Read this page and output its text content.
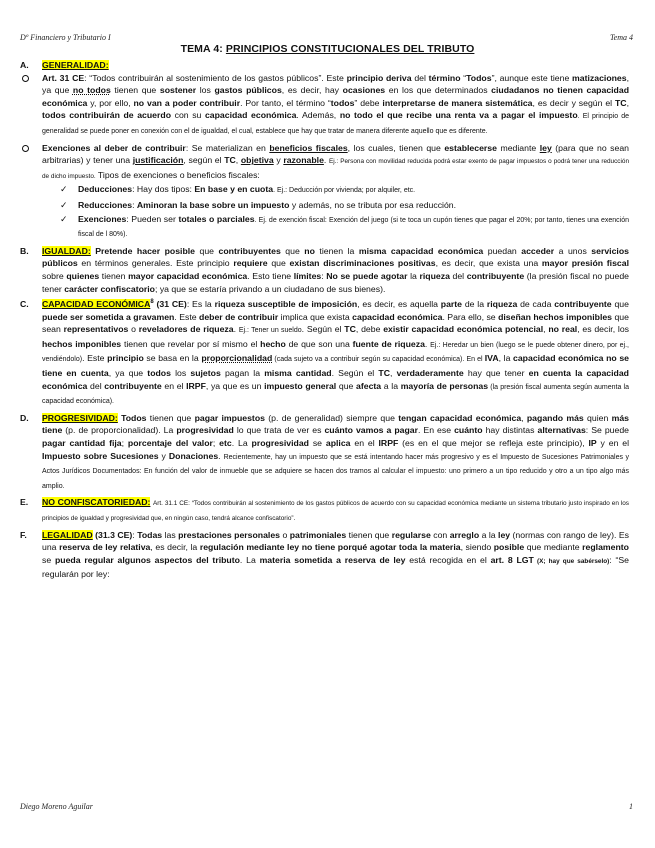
Dº Financiero y Tributario I	Tema 4
TEMA 4: PRINCIPIOS CONSTITUCIONALES DEL TRIBUTO
A. GENERALIDAD:
Art. 31 CE: “Todos contribuirán al sostenimiento de los gastos públicos”. Este principio deriva del término “Todos”, aunque este tiene matizaciones, ya que no todos tienen que sostener los gastos públicos, es decir, hay ocasiones en los que determinados ciudadanos no tienen capacidad económica y, por ello, no van a poder contribuir. Por tanto, el término “todos” debe interpretarse de manera sistemática, es decir y según el TC, todos contribuirán de acuerdo con su capacidad económica. Además, no todo el que recibe una renta va a pagar el impuesto. El principio de generalidad se puede poner en conexión con el de igualdad, el cual, establece que hay que tratar de manera diferente aquello que es diferente.
Exenciones al deber de contribuir: Se materializan en beneficios fiscales, los cuales, tienen que establecerse mediante ley (para que no sean arbitrarias) y tener una justificación, según el TC, objetiva y razonable. Ej.: Persona con movilidad reducida podrá estar exento de pagar impuestos o podrá tener una reducción de dicho impuesto. Tipos de exenciones o beneficios fiscales:
✓ Deducciones: Hay dos tipos: En base y en cuota. Ej.: Deducción por vivienda; por alquiler, etc.
✓ Reducciones: Aminoran la base sobre un impuesto y además, no se tributa por esa reducción.
✓ Exenciones: Pueden ser totales o parciales. Ej. de exención fiscal: Exención del juego (si te toca un cupón tienes que pagar el 20%; por tanto, tienes una exención fiscal de l 80%).
B. IGUALDAD: Pretende hacer posible que contribuyentes que no tienen la misma capacidad económica puedan acceder a unos servicios públicos en términos generales. Este principio requiere que existan discriminaciones positivas, es decir, que exista una mayor presión fiscal sobre quienes tienen mayor capacidad económica. Esto tiene límites: No se puede agotar la riqueza del contribuyente (la presión fiscal no puede tener carácter confiscatorio; ya que se estaría privando a un ciudadano de sus bienes).
C. CAPACIDAD ECONÓMICA$^8$ (31 CE): Es la riqueza susceptible de imposición, es decir, es aquella parte de la riqueza de cada contribuyente que puede ser sometida a gravamen. Este deber de contribuir implica que exista capacidad económica. Para ello, se diseñan hechos imponibles que sean representativos o reveladores de riqueza. Ej.: Tener un sueldo. Según el TC, debe existir capacidad económica potencial, no real, es decir, los hechos imponibles tienen que revelar por sí mismo el hecho de que son una fuente de riqueza. Ej.: Heredar un bien (luego se le puede obtener dinero, por ej., vendiéndolo). Este principio se basa en la proporcionalidad (cada sujeto va a contribuir según su capacidad económica). En el IVA, la capacidad económica no se tiene en cuenta, ya que todos los sujetos pagan la misma cantidad. Según el TC, verdaderamente hay que tener en cuenta la capacidad económica del contribuyente en el IRPF, ya que es un impuesto general que afecta a la mayoría de personas (la presión fiscal aumenta según aumenta la capacidad económica).
D. PROGRESIVIDAD: Todos tienen que pagar impuestos (p. de generalidad) siempre que tengan capacidad económica, pagando más quien más tiene (p. de proporcionalidad). La progresividad lo que trata de ver es cuánto vamos a pagar. En ese cuánto hay distintas alternativas: Se puede pagar cantidad fija; porcentaje del valor; etc. La progresividad se aplica en el IRPF (es en el que mejor se refleja este principio), IP y en el Impuesto sobre Sucesiones y Donaciones. Recientemente, hay un impuesto que se está intentando hacer más progresivo y es el Impuesto de Sucesiones Patrimoniales y Actos Jurídicos Documentados: En función del valor de inmueble que se adquiere se hacen dos tramos al calcular el impuesto: uno primero a un tipo reducido y otro a un tipo algo más amplio.
E. NO CONFISCATORIEDAD: Art. 31.1 CE: “Todos contribuirán al sostenimiento de los gastos públicos de acuerdo con su capacidad económica mediante un sistema tributario justo inspirado en los principios de igualdad y progresividad que, en ningún caso, tendrá alcance confiscatorio”.
F. LEGALIDAD (31.3 CE): Todas las prestaciones personales o patrimoniales tienen que regularse con arreglo a la ley (normas con rango de ley). Es una reserva de ley relativa, es decir, la regulación mediante ley no tiene porqué agotar toda la materia, siendo posible que mediante reglamento se pueda regular algunos aspectos del tributo. La materia sometida a reserva de ley está recogida en el art. 8 LGT (X; hay que sabérselo): “Se regularán por ley:
Diego Moreno Aguilar	1
